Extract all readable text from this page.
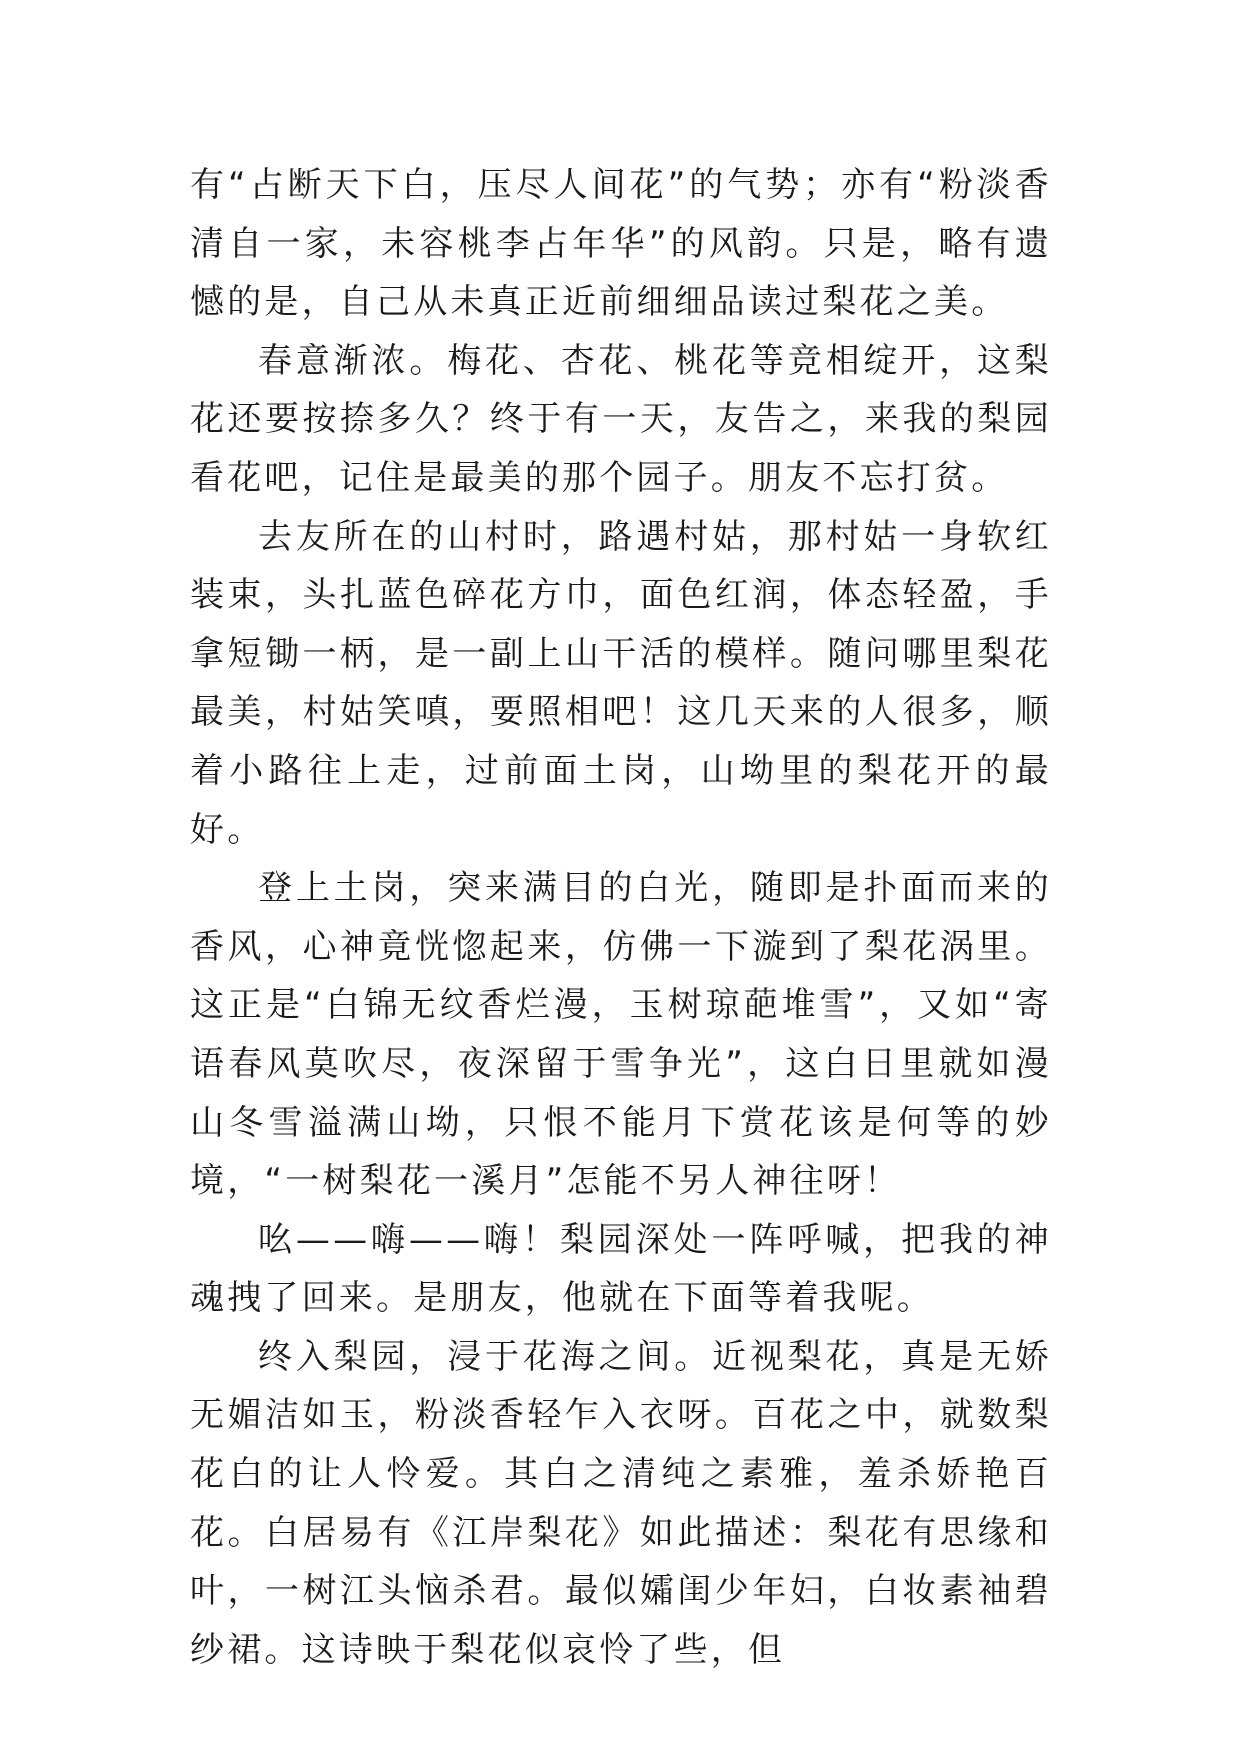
有“占断天下白，压尽人间花”的气势；亦有“粉淡香清自一家，未容桃李占年华”的风韵。只是，略有遗憾的是，自己从未真正近前细细品读过梨花之美。

春意渐浓。梅花、杏花、桃花等竞相绽开，这梨花还要按捺多久？终于有一天，友告之，来我的梨园看花吧，记住是最美的那个园子。朋友不忘打贫。

去友所在的山村时，路遇村姑，那村姑一身软红装束，头扎蓝色碎花方巾，面色红润，体态轻盈，手拿短锄一柄，是一副上山干活的模样。随问哪里梨花最美，村姑笑嗔，要照相吧！这几天来的人很多，顺着小路往上走，过前面土岗，山坳里的梨花开的最好。

登上土岗，突来满目的白光，随即是扑面而来的香风，心神竟恍惚起来，仿佛一下漩到了梨花涡里。这正是“白锦无纹香烂漫，玉树琼葩堆雪”，又如“寄语春风莫吹尽，夜深留于雪争光”，这白日里就如漫山冬雪溢满山坳，只恨不能月下赏花该是何等的妙境，“一树梨花一溪月”怎能不另人神往呀！

吆——嗨——嗨！梨园深处一阵呼喊，把我的神魂拽了回来。是朋友，他就在下面等着我呢。

终入梨园，浸于花海之间。近视梨花，真是无娇无媚洁如玉，粉淡香轻乍入衣呀。百花之中，就数梨花白的让人怜爱。其白之清纯之素雅，羞杀娇艳百花。白居易有《江岸梨花》如此描述：梨花有思缘和叶，一树江头恼杀君。最似孀闺少年妇，白妆素袖碧纱裙。这诗映于梨花似哀怜了些，但
